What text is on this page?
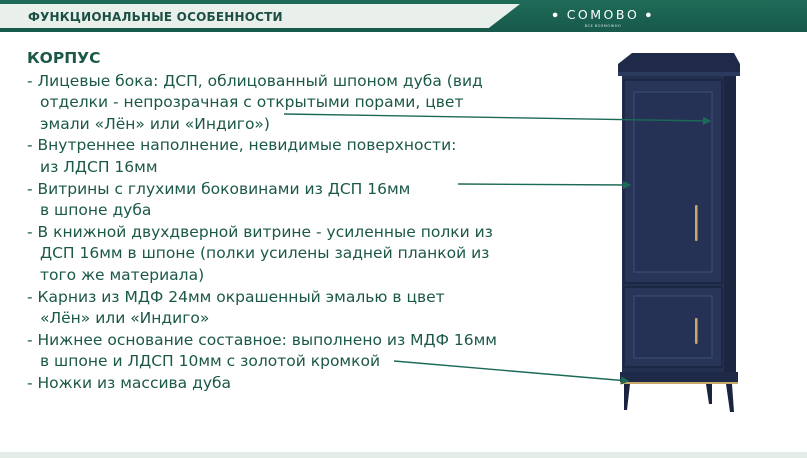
ФУНКЦИОНАЛЬНЫЕ ОСОБЕННОСТИ	● СОМОВО ●
ВСЕ ВОЗМОЖНО
КОРПУС
- Лицевые бока: ДСП, облицованный шпоном дуба (вид
отделки - непрозрачная с открытыми порами, цвет
эмали «Лён» или «Индиго»)
- Внутреннее наполнение, невидимые поверхности:
из ЛДСП 16мм
- Витрины с глухими боковинами из ДСП 16мм
в шпоне дуба
- В книжной двухдверной витрине - усиленные полки из
ДСП 16мм в шпоне (полки усилены задней планкой из
того же материала)
- Карниз из МДФ 24мм окрашенный эмалью в цвет
«Лён» или «Индиго»
- Нижнее основание составное: выполнено из МДФ 16мм
в шпоне и ЛДСП 10мм с золотой кромкой
- Ножки из массива дуба
